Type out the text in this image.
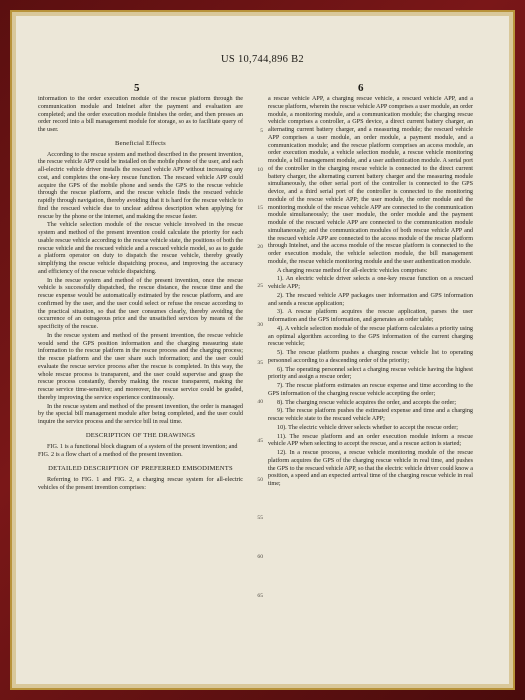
US 10,744,896 B2
5	6

information to the order execution module of the rescue platform through the communication module and Intelnet after the payment and evaluation are completed; and the order execution module finishes the order, and then presses an order record into a bill management module for storage, so as to facilitate query of the user.

Beneficial Effects

According to the rescue system and method described in the present invention, the rescue vehicle APP could be installed on the mobile phone of the user, and each all-electric vehicle driver installs the rescued vehicle APP without increasing any cost, and completes the one-key rescue function. The rescued vehicle APP could acquire the GPS of the mobile phone and sends the GPS to the rescue vehicle through the rescue platform, and the rescue vehicle finds the rescued vehicle rapidly through navigation, thereby avoiding that it is hard for the rescue vehicle to find the rescued vehicle due to unclear address description when applying for rescue by the phone or the internet, and making the rescue faster.

The vehicle selection module of the rescue vehicle involved in the rescue system and method of the present invention could calculate the priority for each usable rescue vehicle according to the rescue vehicle state, the positions of both the rescue vehicle and the rescued vehicle and a rescued vehicle model, so as to guide a platform operator on duty to dispatch the rescue vehicle, thereby greatly simplifying the rescue vehicle dispatching process, and improving the accuracy and efficiency of the rescue vehicle dispatching.

In the rescue system and method of the present invention, once the rescue vehicle is successfully dispatched, the rescue distance, the rescue time and the rescue expense would be automatically estimated by the rescue platform, and are confirmed by the user, and the user could select or refuse the rescue according to the practical situation, so that the user consumes clearly, thereby avoiding the occurrence of an outrageous price and the unsatisfied services by means of the specificity of the rescue.

In the rescue system and method of the present invention, the rescue vehicle would send the GPS position information and the charging measuring state information to the rescue platform in the rescue process and the charging process; the rescue platform and the user share such information; and the user could evaluate the rescue service process after the rescue is completed. In this way, the whole rescue process is transparent, and the user could supervise and grasp the rescue process constantly, thereby making the rescue transparent, making the rescue service time-sensitive; and moreover, the rescue service could be graded, thereby improving the service experience continuously.

In the rescue system and method of the present invention, the order is managed by the special bill management module after being completed, and the user could inquire the service process and the service bill in real time.

DESCRIPTION OF THE DRAWINGS

FIG. 1 is a functional block diagram of a system of the present invention; and

FIG. 2 is a flow chart of a method of the present invention.

DETAILED DESCRIPTION OF PREFERRED EMBODIMENTS

Referring to FIG. 1 and FIG. 2, a charging rescue system for all-electric vehicles of the present invention comprises:

5
10
15
20
25
30
35
40
45
50
55
60
65

a rescue vehicle APP, a charging rescue vehicle, a rescued vehicle APP, and a rescue platform, wherein the rescue vehicle APP comprises a user module, an order module, a monitoring module, and a communication module; the charging rescue vehicle comprises a controller, a GPS device, a direct current battery charger, an alternating current battery charger, and a measuring module; the rescued vehicle APP comprises a user module, an order module, a payment module, and a communication module; and the rescue platform comprises an access module, an order execution module, a vehicle selection module, a rescue vehicle monitoring module, a bill management module, and a user authentication module. A serial port of the controller in the charging rescue vehicle is connected to the direct current battery charger, the alternating current battery charger and the measuring module simultaneously, the other serial port of the controller is connected to the GPS device, and a third serial port of the controller is connected to the monitoring module of the rescue vehicle APP; the user module, the order module and the monitoring module of the rescue vehicle APP are connected to the communication module simultaneously; the user module, the order module and the payment module of the rescued vehicle APP are connected to the communication module simultaneously; and the communication modules of both rescue vehicle APP and the rescued vehicle APP are connected to the access module of the rescue platform through Intelnet, and the access module of the rescue platform is connected to the order execution module, the vehicle selection module, the bill management module, the rescue vehicle monitoring module and the user authentication module.

A charging rescue method for all-electric vehicles comprises:

1). An electric vehicle driver selects a one-key rescue function on a rescued vehicle APP;

2). The rescued vehicle APP packages user information and GPS information and sends a rescue application;

3). A rescue platform acquires the rescue application, parses the user information and the GPS information, and generates an order table;

4). A vehicle selection module of the rescue platform calculates a priority using an optimal algorithm according to the GPS information of the current charging rescue vehicle;

5). The rescue platform pushes a charging rescue vehicle list to operating personnel according to a descending order of the priority;

6). The operating personnel select a charging rescue vehicle having the highest priority and assign a rescue order;

7). The rescue platform estimates an rescue expense and time according to the GPS information of the charging rescue vehicle accepting the order;

8). The charging rescue vehicle acquires the order, and accepts the order;

9). The rescue platform pushes the estimated expense and time and a charging rescue vehicle state to the rescued vehicle APP;

10). The electric vehicle driver selects whether to accept the rescue order;

11). The rescue platform and an order execution module inform a rescue vehicle APP when selecting to accept the rescue, and a rescue action is started;

12). In a rescue process, a rescue vehicle monitoring module of the rescue platform acquires the GPS of the charging rescue vehicle in real time, and pushes the GPS to the rescued vehicle APP, so that the electric vehicle driver could know a position, a speed and an expected arrival time of the charging rescue vehicle in real time;
